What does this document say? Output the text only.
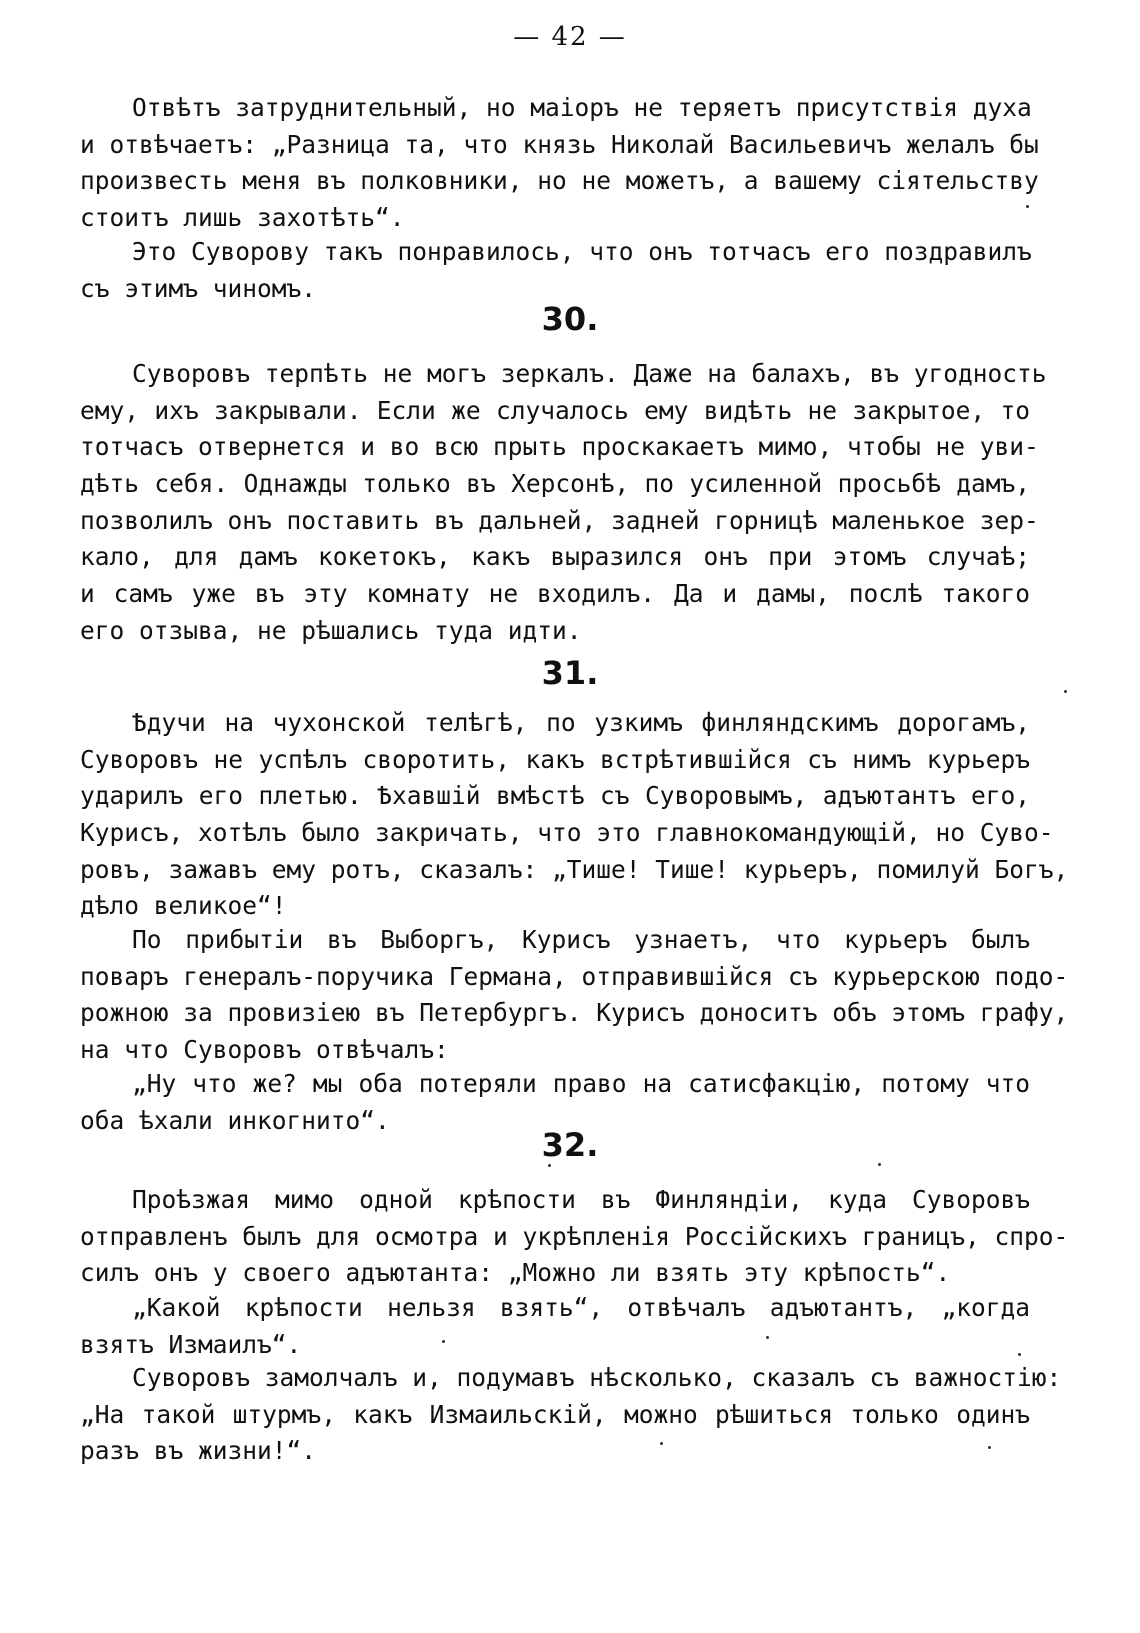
— 42 —
Отвѣтъ затруднительный, но маіоръ не теряетъ присутствія духа
и отвѣчаетъ: „Разница та, что князь Николай Васильевичъ желалъ бы
произвесть меня въ полковники, но не можетъ, а вашему сіятельству
стоитъ лишь захотѣть“.
Это Суворову такъ понравилось, что онъ тотчасъ его поздравилъ
съ этимъ чиномъ.
30.
Суворовъ терпѣть не могъ зеркалъ. Даже на балахъ, въ угодность
ему, ихъ закрывали. Если же случалось ему видѣть не закрытое, то
тотчасъ отвернется и во всю прыть проскакаетъ мимо, чтобы не уви-
дѣть себя. Однажды только въ Херсонѣ, по усиленной просьбѣ дамъ,
позволилъ онъ поставить въ дальней, задней горницѣ маленькое зер-
кало, для дамъ кокетокъ, какъ выразился онъ при этомъ случаѣ;
и самъ уже въ эту комнату не входилъ. Да и дамы, послѣ такого
его отзыва, не рѣшались туда идти.
31.
Ѣдучи на чухонской телѣгѣ, по узкимъ финляндскимъ дорогамъ,
Суворовъ не успѣлъ своротить, какъ встрѣтившійся съ нимъ курьеръ
ударилъ его плетью. Ѣхавшій вмѣстѣ съ Суворовымъ, адъютантъ его,
Курисъ, хотѣлъ было закричать, что это главнокомандующій, но Суво-
ровъ, зажавъ ему ротъ, сказалъ: „Тише! Тише! курьеръ, помилуй Богъ,
дѣло великое“!
По прибытіи въ Выборгъ, Курисъ узнаетъ, что курьеръ былъ
поваръ генералъ-поручика Германа, отправившійся съ курьерскою подо-
рожною за провизіею въ Петербургъ. Курисъ доноситъ объ этомъ графу,
на что Суворовъ отвѣчалъ:
„Ну что же? мы оба потеряли право на сатисфакцію, потому что
оба ѣхали инкогнито“.
32.
Проѣзжая мимо одной крѣпости въ Финляндіи, куда Суворовъ
отправленъ былъ для осмотра и укрѣпленія Россійскихъ границъ, спро-
силъ онъ у своего адъютанта: „Можно ли взять эту крѣпость“.
„Какой крѣпости нельзя взять“, отвѣчалъ адъютантъ, „когда
взятъ Измаилъ“.
Суворовъ замолчалъ и, подумавъ нѣсколько, сказалъ съ важностію:
„На такой штурмъ, какъ Измаильскій, можно рѣшиться только одинъ
разъ въ жизни!“.
